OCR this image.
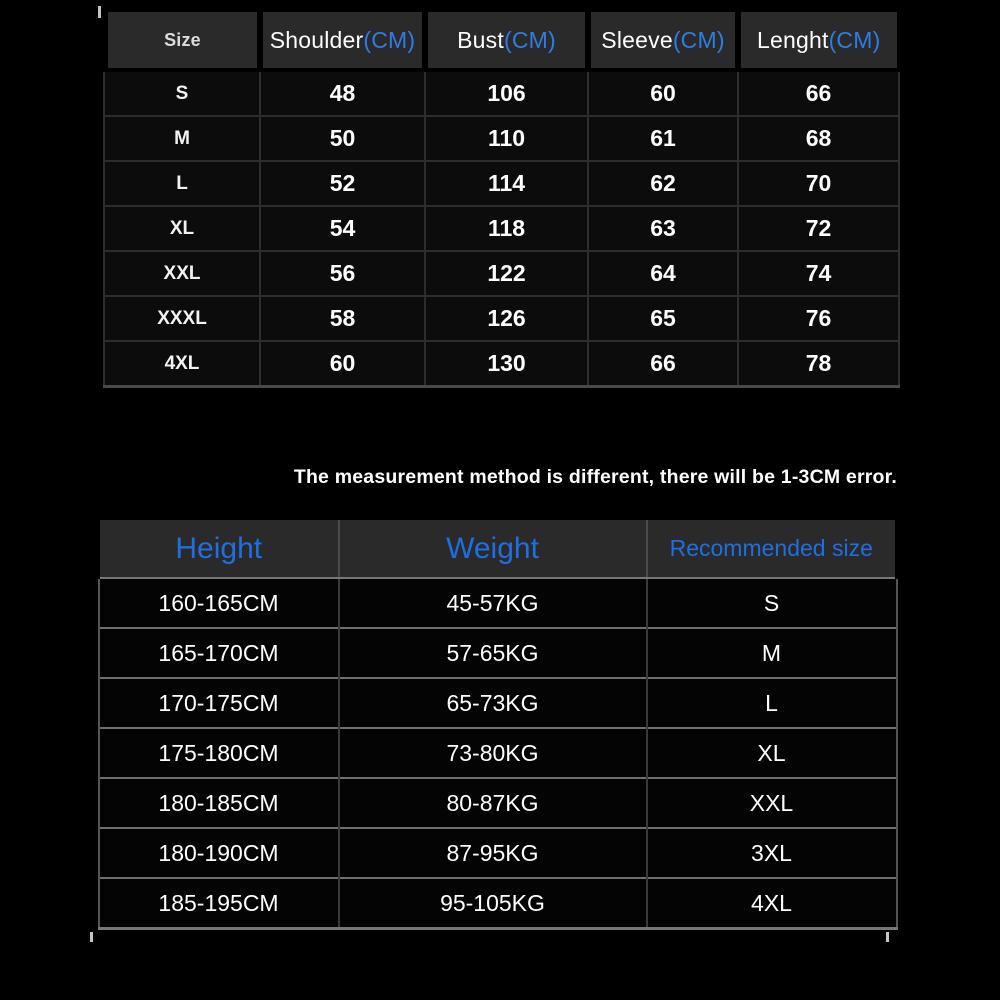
Size	Shoulder(CM)	Bust(CM)	Sleeve(CM)	Lenght(CM)
S	48	106	60	66
M	50	110	61	68
L	52	114	62	70
XL	54	118	63	72
XXL	56	122	64	74
XXXL	58	126	65	76
4XL	60	130	66	78
The measurement method is different, there will be 1-3CM error.
Height	Weight	Recommended size
160-165CM	45-57KG	S
165-170CM	57-65KG	M
170-175CM	65-73KG	L
175-180CM	73-80KG	XL
180-185CM	80-87KG	XXL
180-190CM	87-95KG	3XL
185-195CM	95-105KG	4XL
